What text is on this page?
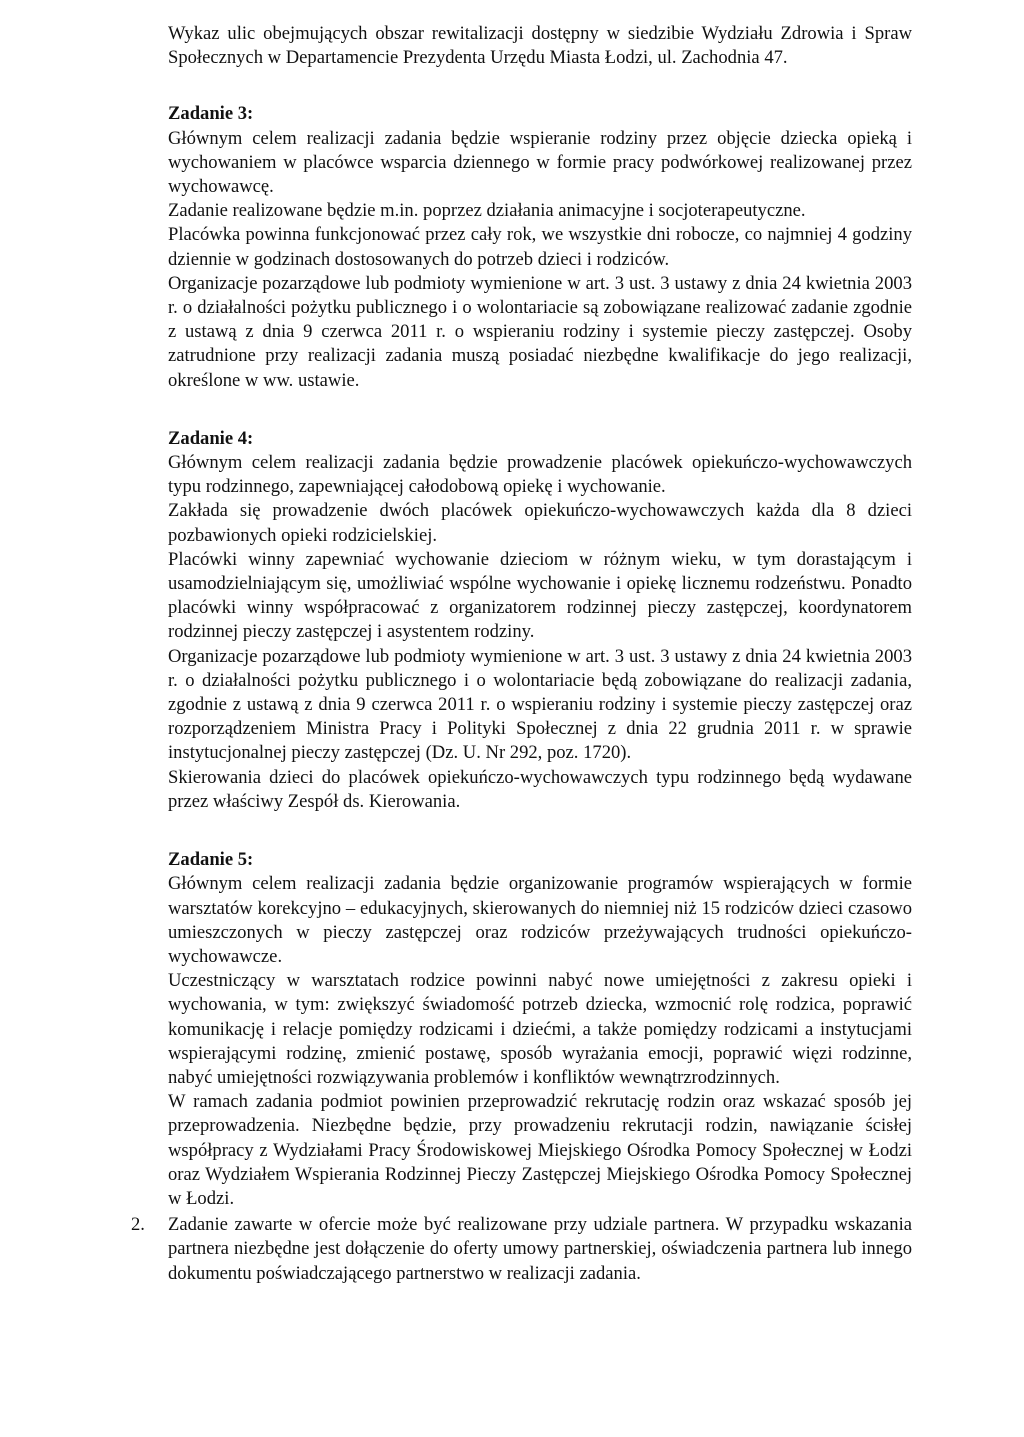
Wykaz ulic obejmujących obszar rewitalizacji dostępny w siedzibie Wydziału Zdrowia i Spraw Społecznych w Departamencie Prezydenta Urzędu Miasta Łodzi, ul. Zachodnia 47.

Zadanie 3:

Głównym celem realizacji zadania będzie wspieranie rodziny przez objęcie dziecka opieką i wychowaniem w placówce wsparcia dziennego w formie pracy podwórkowej realizowanej przez wychowawcę.

Zadanie realizowane będzie m.in. poprzez działania animacyjne i socjoterapeutyczne.

Placówka powinna funkcjonować przez cały rok, we wszystkie dni robocze, co najmniej 4 godziny dziennie w godzinach dostosowanych do potrzeb dzieci i rodziców.

Organizacje pozarządowe lub podmioty wymienione w art. 3 ust. 3 ustawy z dnia 24 kwietnia 2003 r. o działalności pożytku publicznego i o wolontariacie są zobowiązane realizować zadanie zgodnie z ustawą z dnia 9 czerwca 2011 r. o wspieraniu rodziny i systemie pieczy zastępczej. Osoby zatrudnione przy realizacji zadania muszą posiadać niezbędne kwalifikacje do jego realizacji, określone w ww. ustawie.

Zadanie 4:

Głównym celem realizacji zadania będzie prowadzenie placówek opiekuńczo-wychowawczych typu rodzinnego, zapewniającej całodobową opiekę i wychowanie.

Zakłada się prowadzenie dwóch placówek opiekuńczo-wychowawczych każda dla 8 dzieci pozbawionych opieki rodzicielskiej.

Placówki winny zapewniać wychowanie dzieciom w różnym wieku, w tym dorastającym i usamodzielniającym się, umożliwiać wspólne wychowanie i opiekę licznemu rodzeństwu. Ponadto placówki winny współpracować z organizatorem rodzinnej pieczy zastępczej, koordynatorem rodzinnej pieczy zastępczej i asystentem rodziny.

Organizacje pozarządowe lub podmioty wymienione w art. 3 ust. 3 ustawy z dnia 24 kwietnia 2003 r. o działalności pożytku publicznego i o wolontariacie będą zobowiązane do realizacji zadania, zgodnie z ustawą z dnia 9 czerwca 2011 r. o wspieraniu rodziny i systemie pieczy zastępczej oraz rozporządzeniem Ministra Pracy i Polityki Społecznej z dnia 22 grudnia 2011 r. w sprawie instytucjonalnej pieczy zastępczej (Dz. U. Nr 292, poz. 1720).

Skierowania dzieci do placówek opiekuńczo-wychowawczych typu rodzinnego będą wydawane przez właściwy Zespół ds. Kierowania.

Zadanie 5:

Głównym celem realizacji zadania będzie organizowanie programów wspierających w formie warsztatów korekcyjno – edukacyjnych, skierowanych do niemniej niż 15 rodziców dzieci czasowo umieszczonych w pieczy zastępczej oraz rodziców przeżywających trudności opiekuńczo-wychowawcze.

Uczestniczący w warsztatach rodzice powinni nabyć nowe umiejętności z zakresu opieki i wychowania, w tym: zwiększyć świadomość potrzeb dziecka, wzmocnić rolę rodzica, poprawić komunikację i relacje pomiędzy rodzicami i dziećmi, a także pomiędzy rodzicami a instytucjami wspierającymi rodzinę, zmienić postawę, sposób wyrażania emocji, poprawić więzi rodzinne, nabyć umiejętności rozwiązywania problemów i konfliktów wewnątrzrodzinnych.

W ramach zadania podmiot powinien przeprowadzić rekrutację rodzin oraz wskazać sposób jej przeprowadzenia. Niezbędne będzie, przy prowadzeniu rekrutacji rodzin, nawiązanie ścisłej współpracy z Wydziałami Pracy Środowiskowej Miejskiego Ośrodka Pomocy Społecznej w Łodzi oraz Wydziałem Wspierania Rodzinnej Pieczy Zastępczej Miejskiego Ośrodka Pomocy Społecznej w Łodzi.

2. Zadanie zawarte w ofercie może być realizowane przy udziale partnera. W przypadku wskazania partnera niezbędne jest dołączenie do oferty umowy partnerskiej, oświadczenia partnera lub innego dokumentu poświadczającego partnerstwo w realizacji zadania.
